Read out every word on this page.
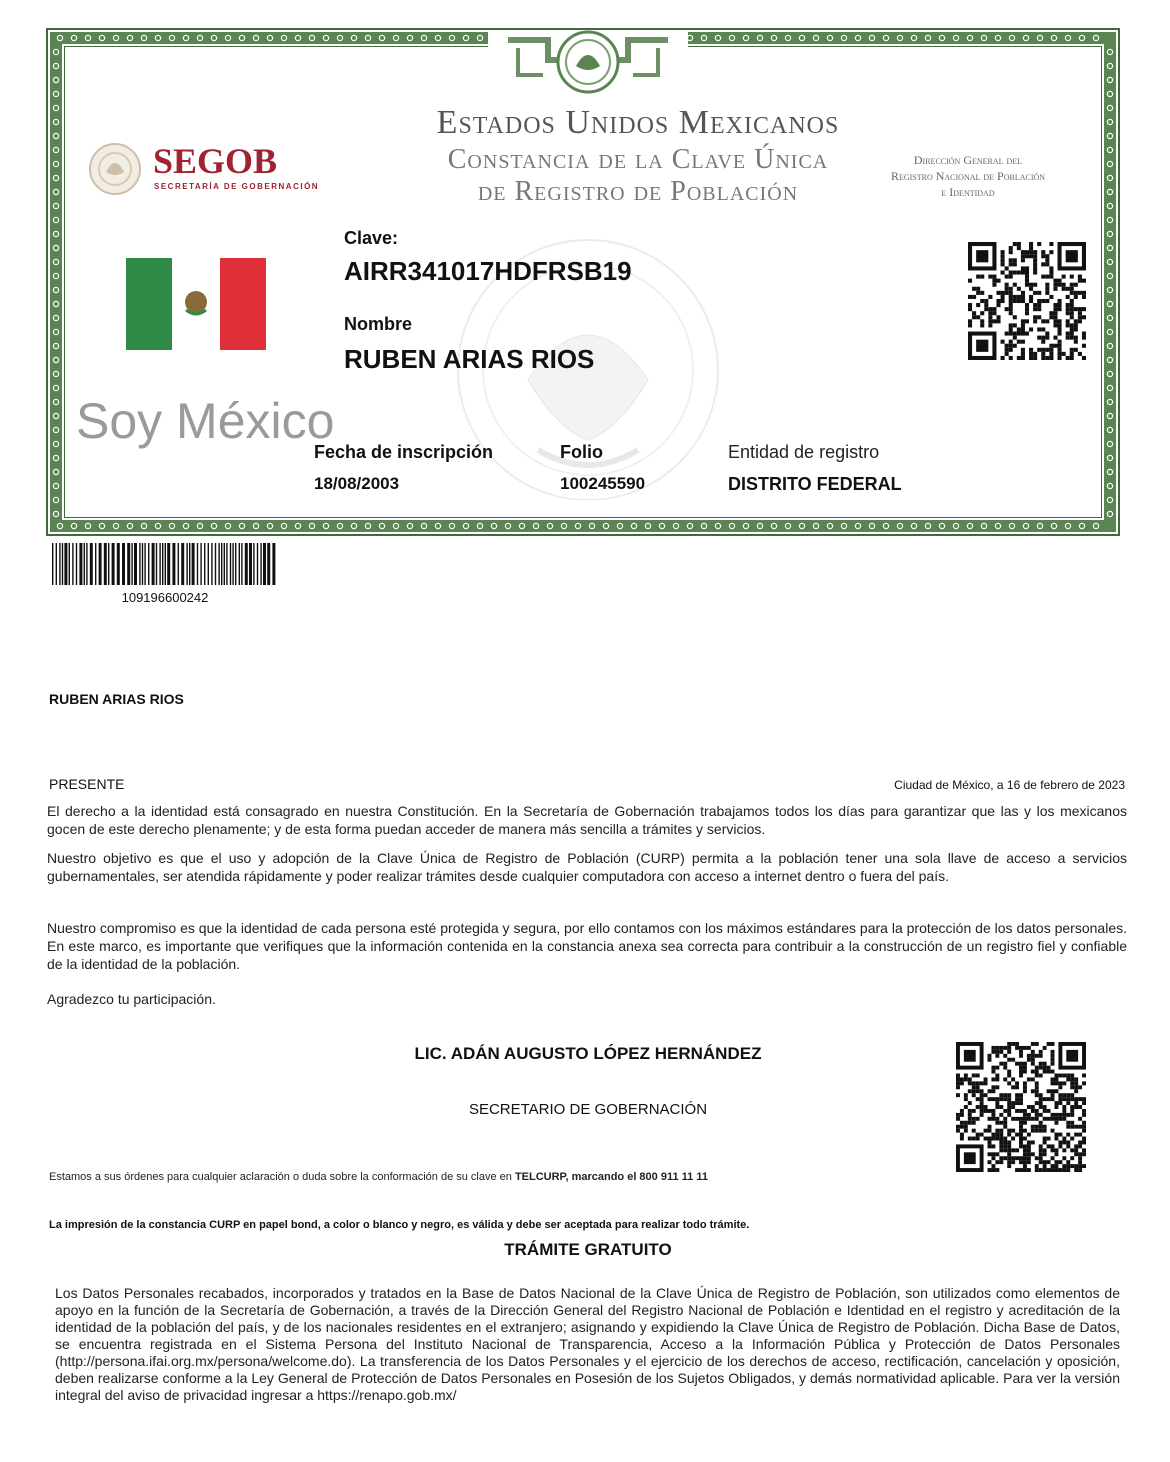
Estados Unidos Mexicanos
Constancia de la Clave Única
de Registro de Población
SEGOB
SECRETARÍA DE GOBERNACIÓN
Dirección General del
Registro Nacional de Población
e Identidad
Clave:
AIRR341017HDFRSB19
Nombre
RUBEN ARIAS RIOS
Soy México
Fecha de inscripción
18/08/2003
Folio
100245590
Entidad de registro
DISTRITO FEDERAL
109196600242
RUBEN ARIAS RIOS
PRESENTE	Ciudad de México, a 16 de febrero de 2023
El derecho a la identidad está consagrado en nuestra Constitución. En la Secretaría de Gobernación trabajamos todos los días para garantizar que las y los mexicanos gocen de este derecho plenamente; y de esta forma puedan acceder de manera más sencilla a trámites y servicios.
Nuestro objetivo es que el uso y adopción de la Clave Única de Registro de Población (CURP) permita a la población tener una sola llave de acceso a servicios gubernamentales, ser atendida rápidamente y poder realizar trámites desde cualquier computadora con acceso a internet dentro o fuera del país.
Nuestro compromiso es que la identidad de cada persona esté protegida y segura, por ello contamos con los máximos estándares para la protección de los datos personales. En este marco, es importante que verifiques que la información contenida en la constancia anexa sea correcta para contribuir a la construcción de un registro fiel y confiable de la identidad de la población.
Agradezco tu participación.
LIC. ADÁN AUGUSTO LÓPEZ HERNÁNDEZ
SECRETARIO DE GOBERNACIÓN
Estamos a sus órdenes para cualquier aclaración o duda sobre la conformación de su clave en TELCURP, marcando el 800 911 11 11
La impresión de la constancia CURP en papel bond, a color o blanco y negro, es válida y debe ser aceptada para realizar todo trámite.
TRÁMITE GRATUITO
Los Datos Personales recabados, incorporados y tratados en la Base de Datos Nacional de la Clave Única de Registro de Población, son utilizados como elementos de apoyo en la función de la Secretaría de Gobernación, a través de la Dirección General del Registro Nacional de Población e Identidad en el registro y acreditación de la identidad de la población del país, y de los nacionales residentes en el extranjero; asignando y expidiendo la Clave Única de Registro de Población. Dicha Base de Datos, se encuentra registrada en el Sistema Persona del Instituto Nacional de Transparencia, Acceso a la Información Pública y Protección de Datos Personales (http://persona.ifai.org.mx/persona/welcome.do). La transferencia de los Datos Personales y el ejercicio de los derechos de acceso, rectificación, cancelación y oposición, deben realizarse conforme a la Ley General de Protección de Datos Personales en Posesión de los Sujetos Obligados, y demás normatividad aplicable. Para ver la versión integral del aviso de privacidad ingresar a https://renapo.gob.mx/
